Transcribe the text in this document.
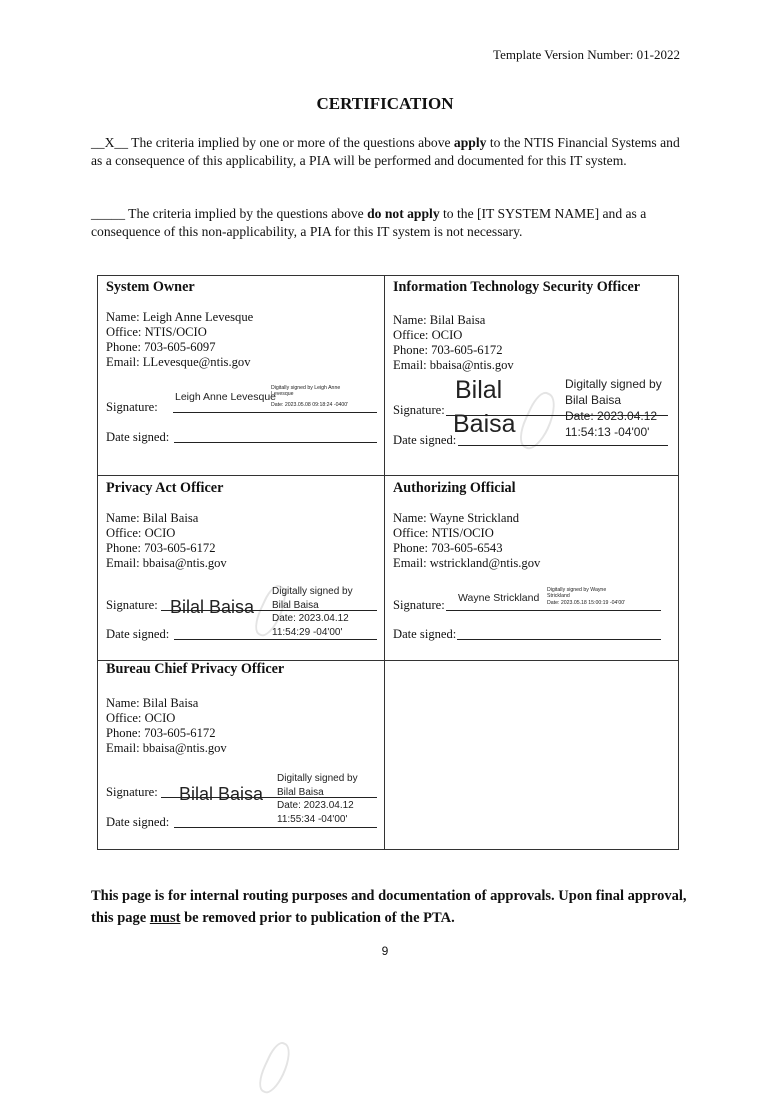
Template Version Number: 01-2022
CERTIFICATION
__X__ The criteria implied by one or more of the questions above apply to the NTIS Financial Systems and as a consequence of this applicability, a PIA will be performed and documented for this IT system.
_____ The criteria implied by the questions above do not apply to the [IT SYSTEM NAME] and as a consequence of this non-applicability, a PIA for this IT system is not necessary.
System Owner
Name: Leigh Anne Levesque
Office: NTIS/OCIO
Phone: 703-605-6097
Email: LLevesque@ntis.gov
Signature:
Leigh Anne Levesque
Digitally signed by Leigh Anne Levesque
Date: 2023.05.08 09:18:24 -0400'
Date signed:
Information Technology Security Officer
Name: Bilal Baisa
Office: OCIO
Phone: 703-605-6172
Email: bbaisa@ntis.gov
Signature:
Bilal
Baisa
Digitally signed by
Bilal Baisa
Date: 2023.04.12
11:54:13 -04'00'
Date signed:
Privacy Act Officer
Name: Bilal Baisa
Office: OCIO
Phone: 703-605-6172
Email: bbaisa@ntis.gov
Signature: Bilal Baisa
Digitally signed by
Bilal Baisa
Date: 2023.04.12
11:54:29 -04'00'
Date signed:
Authorizing Official
Name: Wayne Strickland
Office: NTIS/OCIO
Phone: 703-605-6543
Email: wstrickland@ntis.gov
Signature: Wayne Strickland
Digitally signed by Wayne Strickland
Date: 2023.05.18 15:00:19 -04'00'
Date signed:
Bureau Chief Privacy Officer
Name: Bilal Baisa
Office: OCIO
Phone: 703-605-6172
Email: bbaisa@ntis.gov
Signature: Bilal Baisa
Digitally signed by
Bilal Baisa
Date: 2023.04.12
11:55:34 -04'00'
Date signed:
This page is for internal routing purposes and documentation of approvals. Upon final approval, this page must be removed prior to publication of the PTA.
9
